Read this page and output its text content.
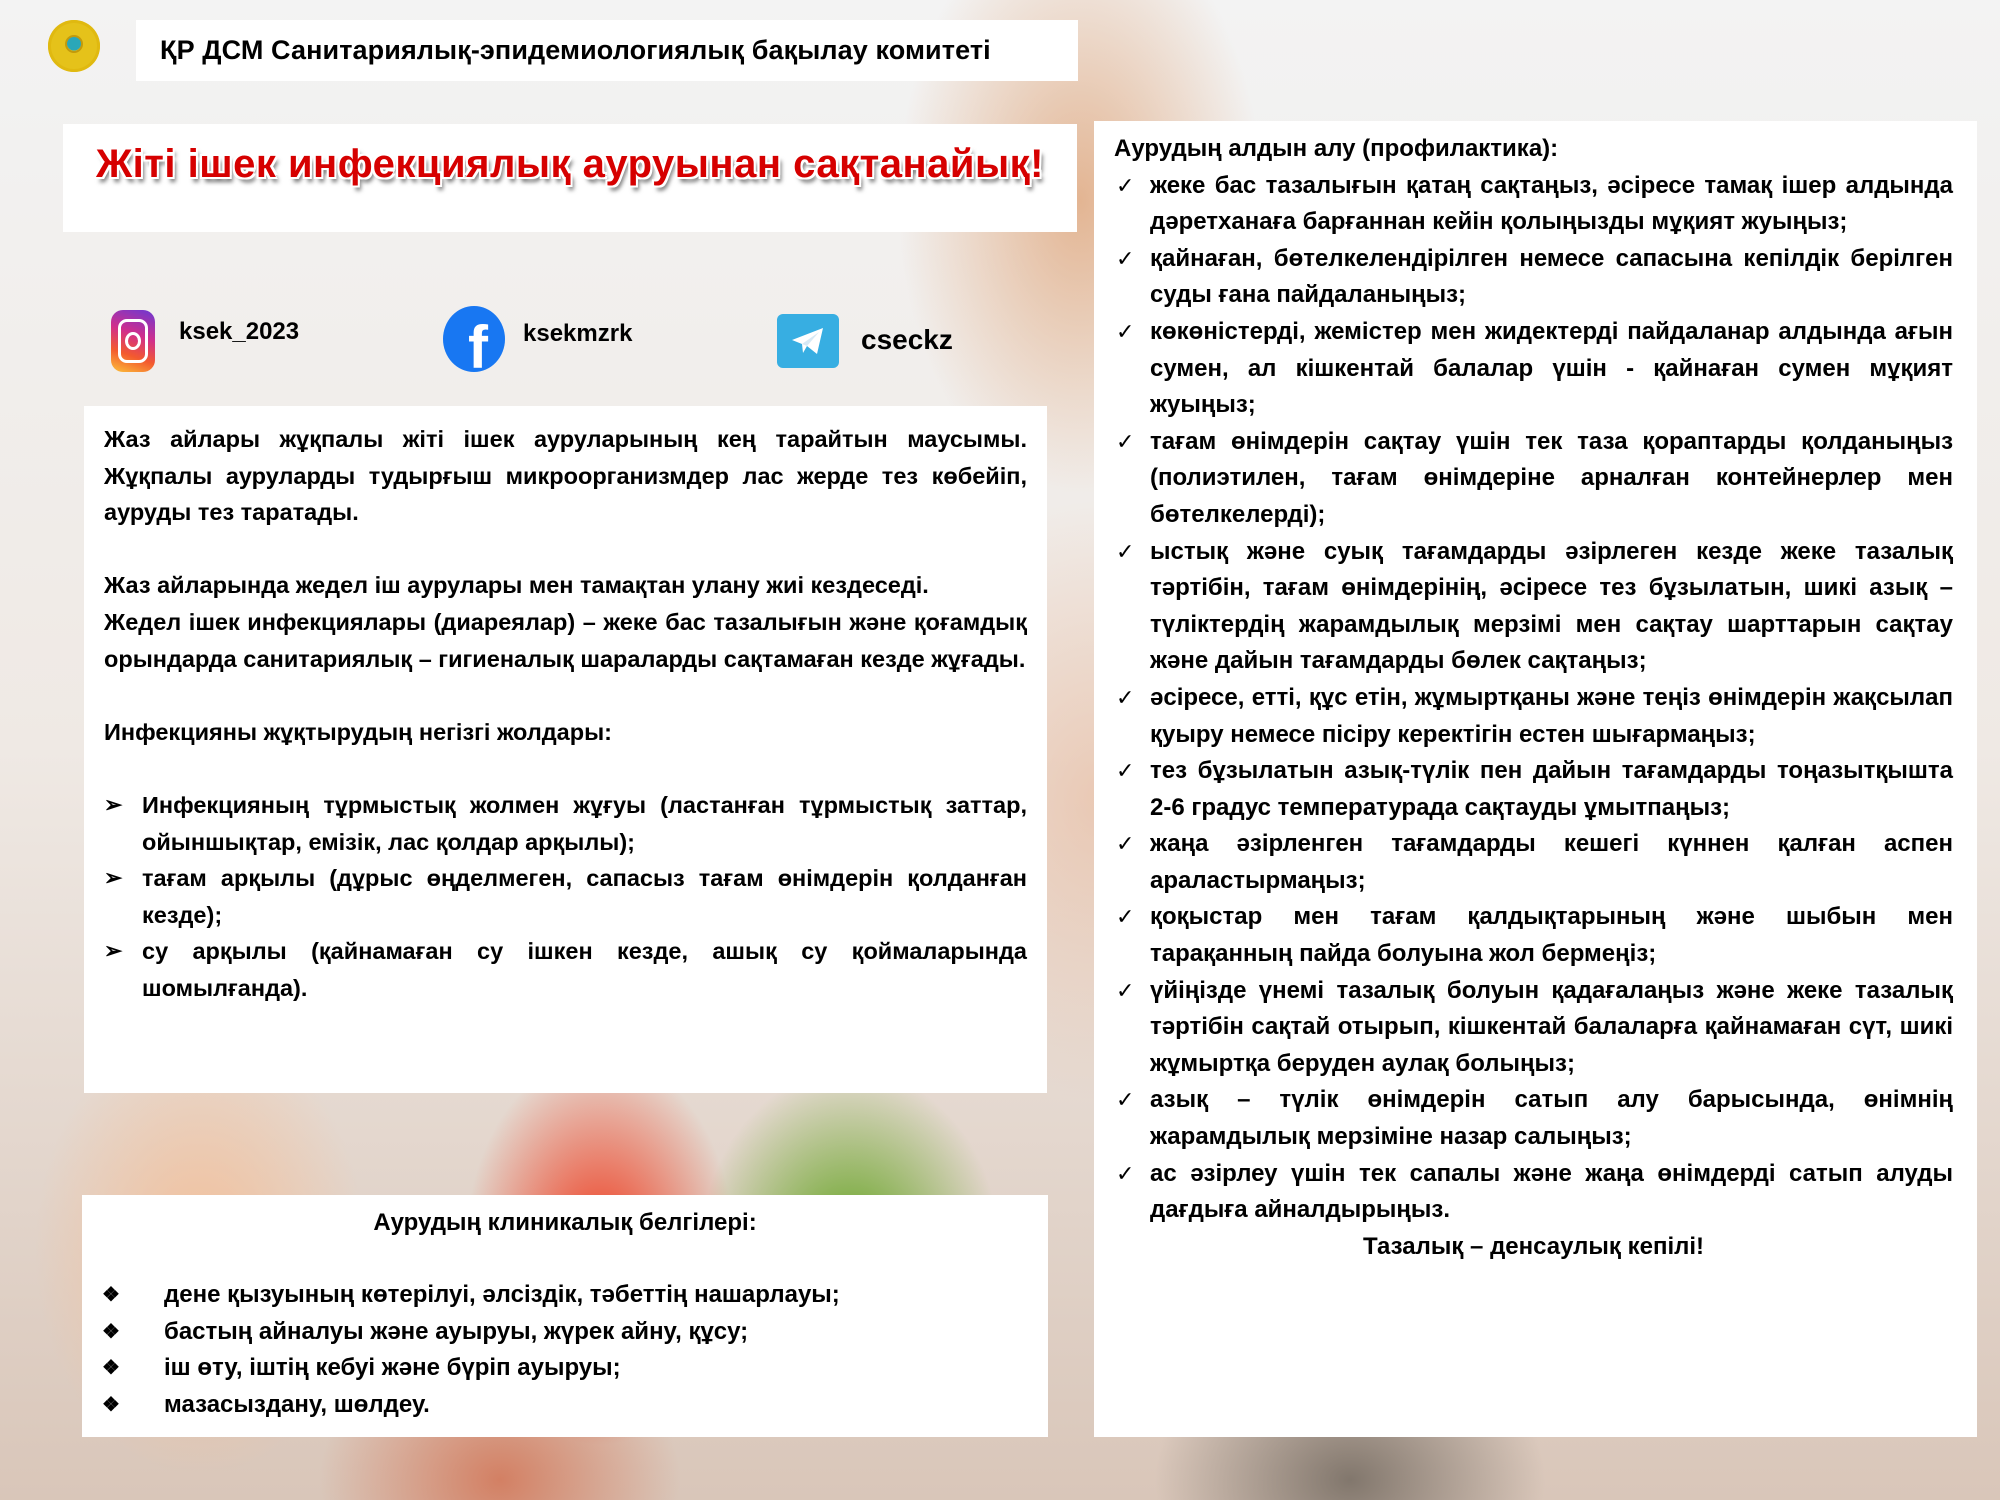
ҚР ДСМ Санитариялық-эпидемиологиялық бақылау комитеті
Жіті ішек инфекциялық ауруынан сақтанайық!
ksek_2023	f ksekmzrk	cseckz

Жаз айлары жұқпалы жіті ішек ауруларының кең тарайтын маусымы. Жұқпалы ауруларды тудырғыш микроорганизмдер лас жерде тез көбейіп, ауруды тез таратады.

Жаз айларында жедел іш аурулары мен тамақтан улану жиі кездеседі.

Жедел ішек инфекциялары (диареялар) – жеке бас тазалығын және қоғамдық орындарда санитариялық – гигиеналық шараларды сақтамаған кезде жұғады.

Инфекцияны жұқтырудың негізгі жолдары:

➢ Инфекцияның тұрмыстық жолмен жұғуы (ластанған тұрмыстық заттар, ойыншықтар, емізік, лас қолдар арқылы);
➢ тағам арқылы (дұрыс өңделмеген, сапасыз тағам өнімдерін қолданған кезде);
➢ су арқылы (қайнамаған су ішкен кезде, ашық су қоймаларында шомылғанда).
Аурудың клиникалық белгілері:
❖	дене қызуының көтерілуі, әлсіздік, тәбеттің нашарлауы;
❖	бастың айналуы және ауыруы, жүрек айну, құсу;
❖	іш өту, іштің кебуі және бүріп ауыруы;
❖	мазасыздану, шөлдеу.
Аурудың алдын алу (профилактика):
✓ жеке бас тазалығын қатаң сақтаңыз, әсіресе тамақ ішер алдында дәретханаға барғаннан кейін қолыңызды мұқият жуыңыз;
✓ қайнаған, бөтелкелендірілген немесе сапасына кепілдік берілген суды ғана пайдаланыңыз;
✓ көкөністерді, жемістер мен жидектерді пайдаланар алдында ағын сумен, ал кішкентай балалар үшін - қайнаған сумен мұқият жуыңыз;
✓ тағам өнімдерін сақтау үшін тек таза қораптарды қолданыңыз (полиэтилен, тағам өнімдеріне арналған контейнерлер мен бөтелкелерді);
✓ ыстық және суық тағамдарды әзірлеген кезде жеке тазалық тәртібін, тағам өнімдерінің, әсіресе тез бұзылатын, шикі азық – түліктердің жарамдылық мерзімі мен сақтау шарттарын сақтау және дайын тағамдарды бөлек сақтаңыз;
✓ әсіресе, етті, құс етін, жұмыртқаны және теңіз өнімдерін жақсылап қуыру немесе пісіру керектігін естен шығармаңыз;
✓ тез бұзылатын азық-түлік пен дайын тағамдарды тоңазытқышта 2-6 градус температурада сақтауды ұмытпаңыз;
✓ жаңа әзірленген тағамдарды кешегі күннен қалған аспен араластырмаңыз;
✓ қоқыстар мен тағам қалдықтарының және шыбын мен тарақанның пайда болуына жол бермеңіз;
✓ үйіңізде үнемі тазалық болуын қадағалаңыз және жеке тазалық тәртібін сақтай отырып, кішкентай балаларға қайнамаған сүт, шикі жұмыртқа беруден аулақ болыңыз;
✓ азық – түлік өнімдерін сатып алу барысында, өнімнің жарамдылық мерзіміне назар салыңыз;
✓ ас әзірлеу үшін тек сапалы және жаңа өнімдерді сатып алуды дағдыға айналдырыңыз.
Тазалық – денсаулық кепілі!
